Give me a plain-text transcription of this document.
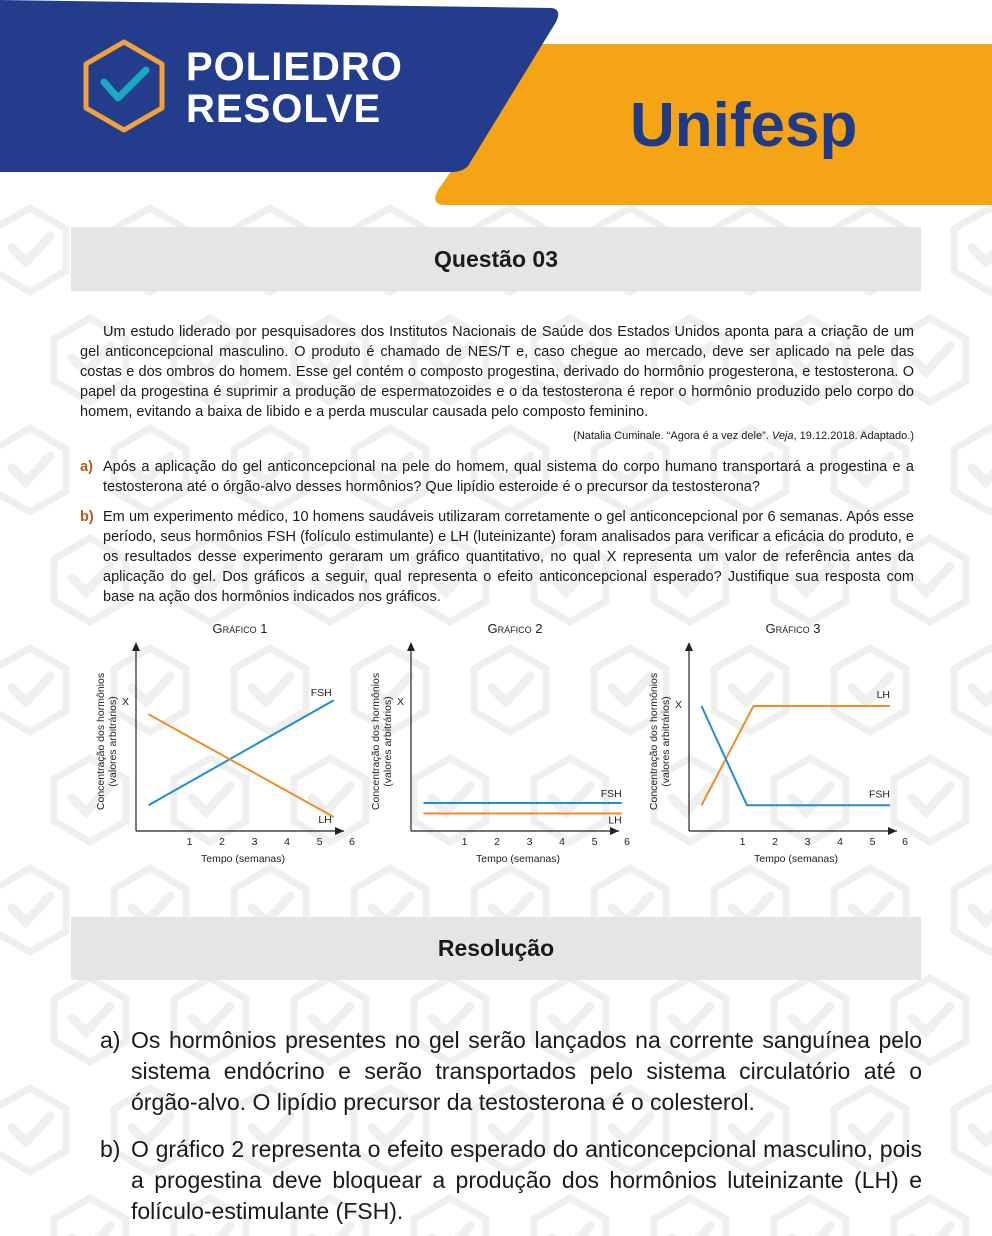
POLIEDRO
RESOLVE	Unifesp
Questão 03
Um estudo liderado por pesquisadores dos Institutos Nacionais de Saúde dos Estados Unidos aponta para a criação de um gel anticoncepcional masculino. O produto é chamado de NES/T e, caso chegue ao mercado, deve ser aplicado na pele das costas e dos ombros do homem. Esse gel contém o composto progestina, derivado do hormônio progesterona, e testosterona. O papel da progestina é suprimir a produção de espermatozoides e o da testosterona é repor o hormônio produzido pelo corpo do homem, evitando a baixa de libido e a perda muscular causada pelo composto feminino.
(Natalia Cuminale. “Agora é a vez dele”. Veja, 19.12.2018. Adaptado.)
a) Após a aplicação do gel anticoncepcional na pele do homem, qual sistema do corpo humano transportará a progestina e a testosterona até o órgão-alvo desses hormônios? Que lipídio esteroide é o precursor da testosterona?
b) Em um experimento médico, 10 homens saudáveis utilizaram corretamente o gel anticoncepcional por 6 semanas. Após esse período, seus hormônios FSH (folículo estimulante) e LH (luteinizante) foram analisados para verificar a eficácia do produto, e os resultados desse experimento geraram um gráfico quantitativo, no qual X representa um valor de referência antes da aplicação do gel. Dos gráficos a seguir, qual representa o efeito anticoncepcional esperado? Justifique sua resposta com base na ação dos hormônios indicados nos gráficos.
Gráfico 1
1	2	3	4	5	6
Tempo (semanas)
Concentração dos hormônios(valores arbitrários) X
FSH
LH
Gráfico 2
1	2	3	4	5	6
Tempo (semanas)
Concentração dos hormônios(valores arbitrários) X
FSH
LH
Gráfico 3
1	2	3	4	5	6
Tempo (semanas)
Concentração dos hormônios(valores arbitrários) X
LH
FSH
Resolução
a) Os hormônios presentes no gel serão lançados na corrente sanguínea pelo sistema endócrino e serão transportados pelo sistema circulatório até o órgão-alvo. O lipídio precursor da testosterona é o colesterol.
b) O gráfico 2 representa o efeito esperado do anticoncepcional masculino, pois a progestina deve bloquear a produção dos hormônios luteinizante (LH) e folículo-estimulante (FSH).
